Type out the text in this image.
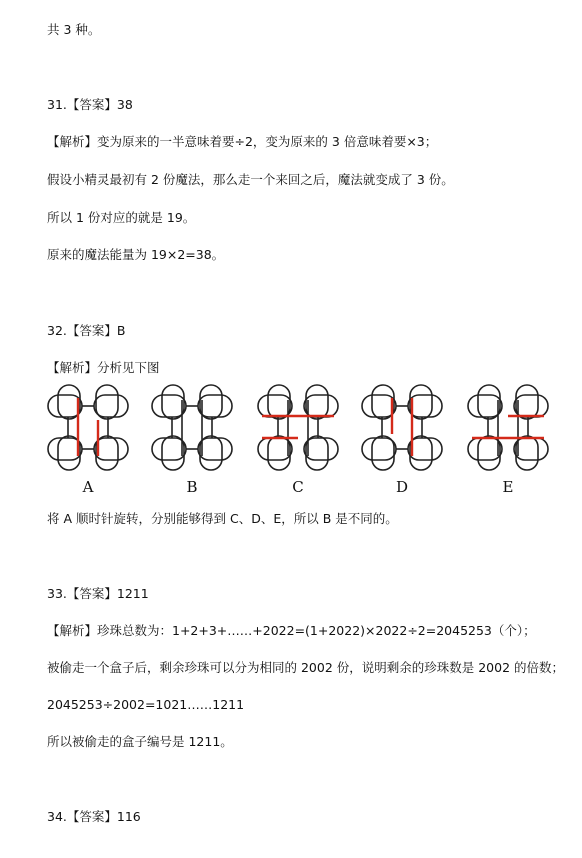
共 3 种。
31.【答案】38
【解析】变为原来的一半意味着要÷2，变为原来的 3 倍意味着要×3；
假设小精灵最初有 2 份魔法，那么走一个来回之后，魔法就变成了 3 份。
所以 1 份对应的就是 19。
原来的魔法能量为 19×2=38。
32.【答案】B
【解析】分析见下图
A	B	C	D	E
将 A 顺时针旋转，分别能够得到 C、D、E，所以 B 是不同的。
33.【答案】1211
【解析】珍珠总数为：1+2+3+……+2022=(1+2022)×2022÷2=2045253（个）；
被偷走一个盒子后，剩余珍珠可以分为相同的 2002 份，说明剩余的珍珠数是 2002 的倍数；
2045253÷2002=1021……1211
所以被偷走的盒子编号是 1211。
34.【答案】116
